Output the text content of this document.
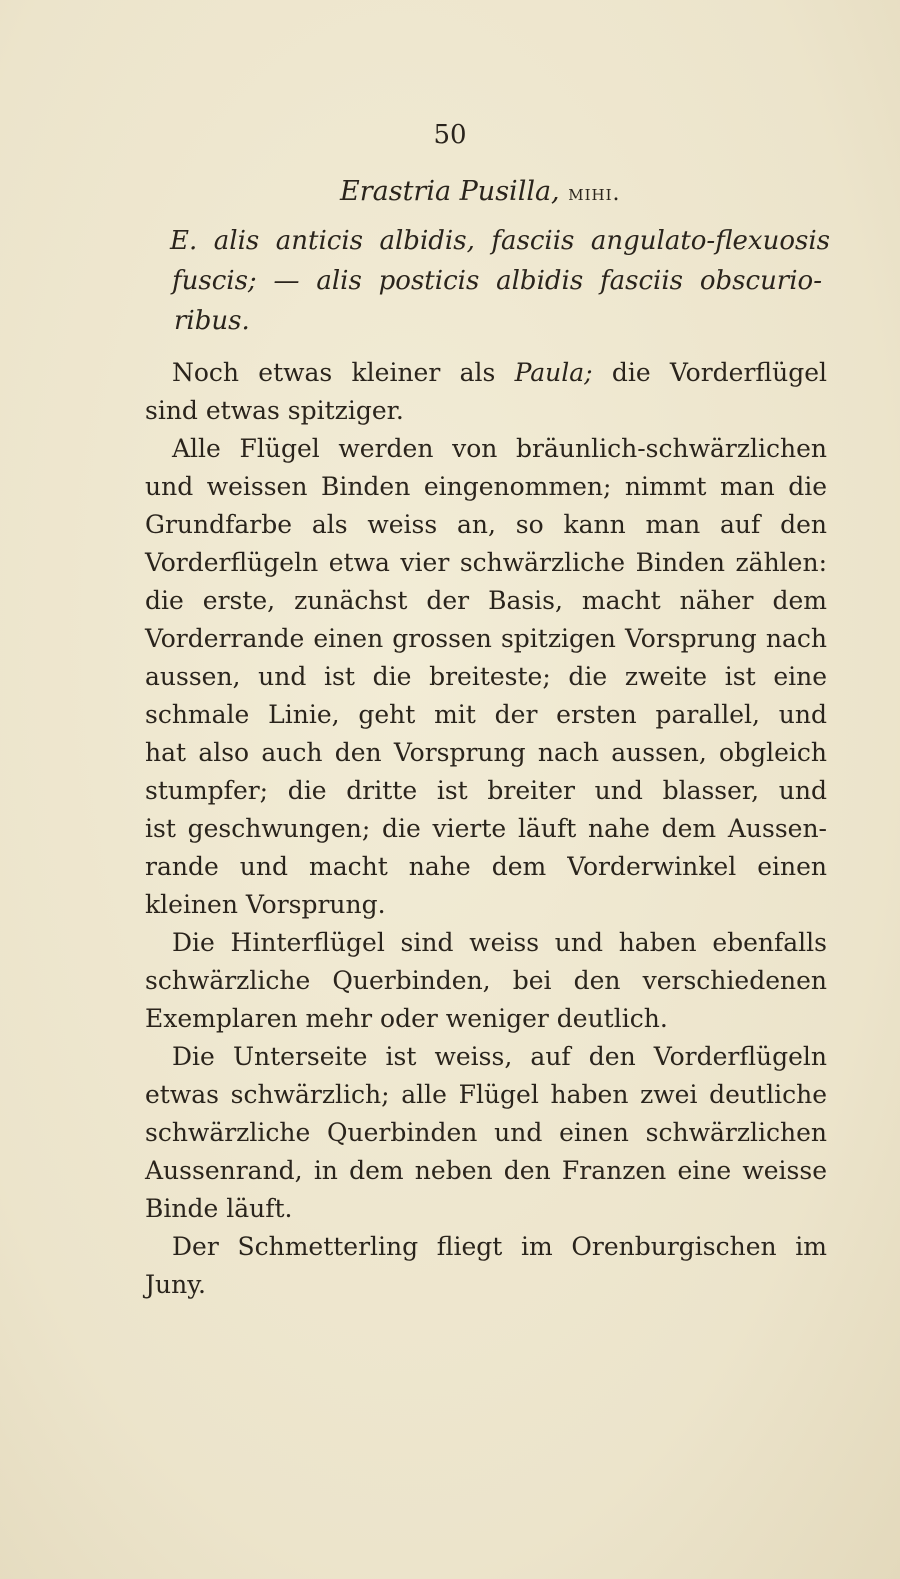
50
Erastria Pusilla, mihi.
E. alis anticis albidis, fasciis angulato-flexuosis
fuscis; — alis posticis albidis fasciis obscurio-
ribus.
Noch etwas kleiner als Paula; die Vorderflügel
sind etwas spitziger.
Alle Flügel werden von bräunlich-schwärzlichen
und weissen Binden eingenommen; nimmt man die
Grundfarbe als weiss an, so kann man auf den
Vorderflügeln etwa vier schwärzliche Binden zählen:
die erste, zunächst der Basis, macht näher dem
Vorderrande einen grossen spitzigen Vorsprung nach
aussen, und ist die breiteste; die zweite ist eine
schmale Linie, geht mit der ersten parallel, und
hat also auch den Vorsprung nach aussen, obgleich
stumpfer; die dritte ist breiter und blasser, und
ist geschwungen; die vierte läuft nahe dem Aussen-
rande und macht nahe dem Vorderwinkel einen
kleinen Vorsprung.
Die Hinterflügel sind weiss und haben ebenfalls
schwärzliche Querbinden, bei den verschiedenen
Exemplaren mehr oder weniger deutlich.
Die Unterseite ist weiss, auf den Vorderflügeln
etwas schwärzlich; alle Flügel haben zwei deutliche
schwärzliche Querbinden und einen schwärzlichen
Aussenrand, in dem neben den Franzen eine weisse
Binde läuft.
Der Schmetterling fliegt im Orenburgischen im
Juny.
